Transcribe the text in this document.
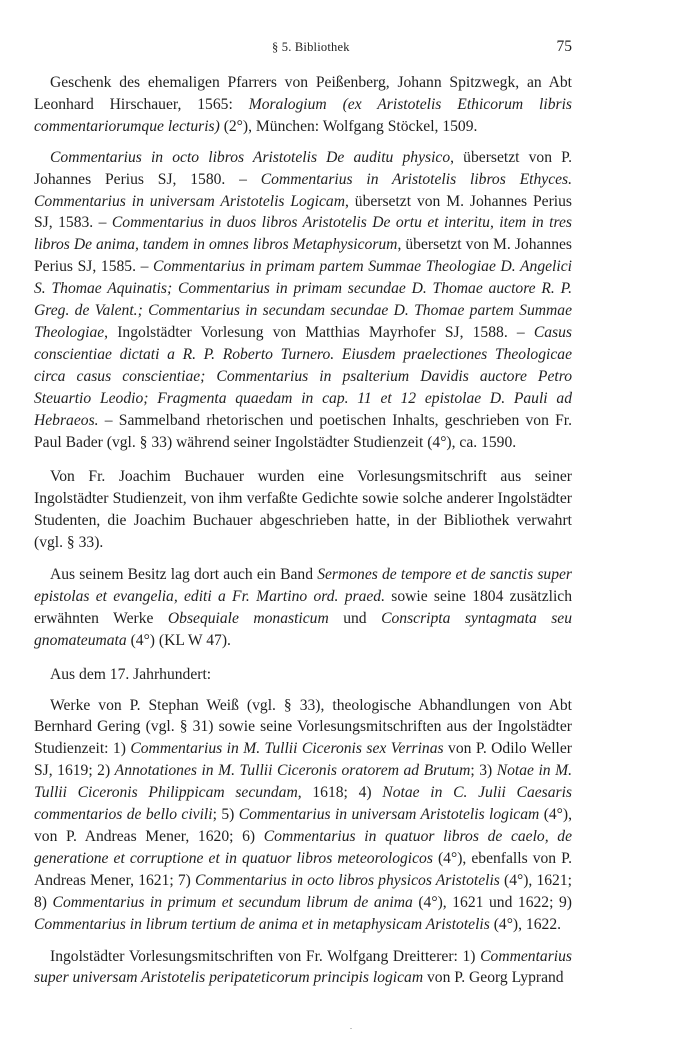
§ 5. Bibliothek	75

Geschenk des ehemaligen Pfarrers von Peißenberg, Johann Spitzwegk, an Abt Leonhard Hirschauer, 1565: Moralogium (ex Aristotelis Ethicorum libris commentariorumque lecturis) (2°), München: Wolfgang Stöckel, 1509.

Commentarius in octo libros Aristotelis De auditu physico, übersetzt von P. Johannes Perius SJ, 1580. – Commentarius in Aristotelis libros Ethyces. Commentarius in universam Aristotelis Logicam, übersetzt von M. Johannes Perius SJ, 1583. – Commentarius in duos libros Aristotelis De ortu et interitu, item in tres libros De anima, tandem in omnes libros Metaphysicorum, übersetzt von M. Johannes Perius SJ, 1585. – Commentarius in primam partem Summae Theologiae D. Angelici S. Thomae Aquinatis; Commentarius in primam secundae D. Thomae auctore R. P. Greg. de Valent.; Commentarius in secundam secundae D. Thomae partem Summae Theologiae, Ingolstädter Vorlesung von Matthias Mayrhofer SJ, 1588. – Casus conscientiae dictati a R. P. Roberto Turnero. Eiusdem praelectiones Theologicae circa casus conscientiae; Commentarius in psalterium Davidis auctore Petro Steuartio Leodio; Fragmenta quaedam in cap. 11 et 12 epistolae D. Pauli ad Hebraeos. – Sammelband rhetorischen und poetischen Inhalts, geschrieben von Fr. Paul Bader (vgl. § 33) während seiner Ingolstädter Studienzeit (4°), ca. 1590.

Von Fr. Joachim Buchauer wurden eine Vorlesungsmitschrift aus seiner Ingolstädter Studienzeit, von ihm verfaßte Gedichte sowie solche anderer Ingolstädter Studenten, die Joachim Buchauer abgeschrieben hatte, in der Bibliothek verwahrt (vgl. § 33).

Aus seinem Besitz lag dort auch ein Band Sermones de tempore et de sanctis super epistolas et evangelia, editi a Fr. Martino ord. praed. sowie seine 1804 zusätzlich erwähnten Werke Obsequiale monasticum und Conscripta syntagmata seu gnomateumata (4°) (KL W 47).

Aus dem 17. Jahrhundert:

Werke von P. Stephan Weiß (vgl. § 33), theologische Abhandlungen von Abt Bernhard Gering (vgl. § 31) sowie seine Vorlesungsmitschriften aus der Ingolstädter Studienzeit: 1) Commentarius in M. Tullii Ciceronis sex Verrinas von P. Odilo Weller SJ, 1619; 2) Annotationes in M. Tullii Ciceronis oratorem ad Brutum; 3) Notae in M. Tullii Ciceronis Philippicam secundam, 1618; 4) Notae in C. Julii Caesaris commentarios de bello civili; 5) Commentarius in universam Aristotelis logicam (4°), von P. Andreas Mener, 1620; 6) Commentarius in quatuor libros de caelo, de generatione et corruptione et in quatuor libros meteorologicos (4°), ebenfalls von P. Andreas Mener, 1621; 7) Commentarius in octo libros physicos Aristotelis (4°), 1621; 8) Commentarius in primum et secundum librum de anima (4°), 1621 und 1622; 9) Commentarius in librum tertium de anima et in metaphysicam Aristotelis (4°), 1622.

Ingolstädter Vorlesungsmitschriften von Fr. Wolfgang Dreitterer: 1) Commentarius super universam Aristotelis peripateticorum principis logicam von P. Georg Lyprand

.
